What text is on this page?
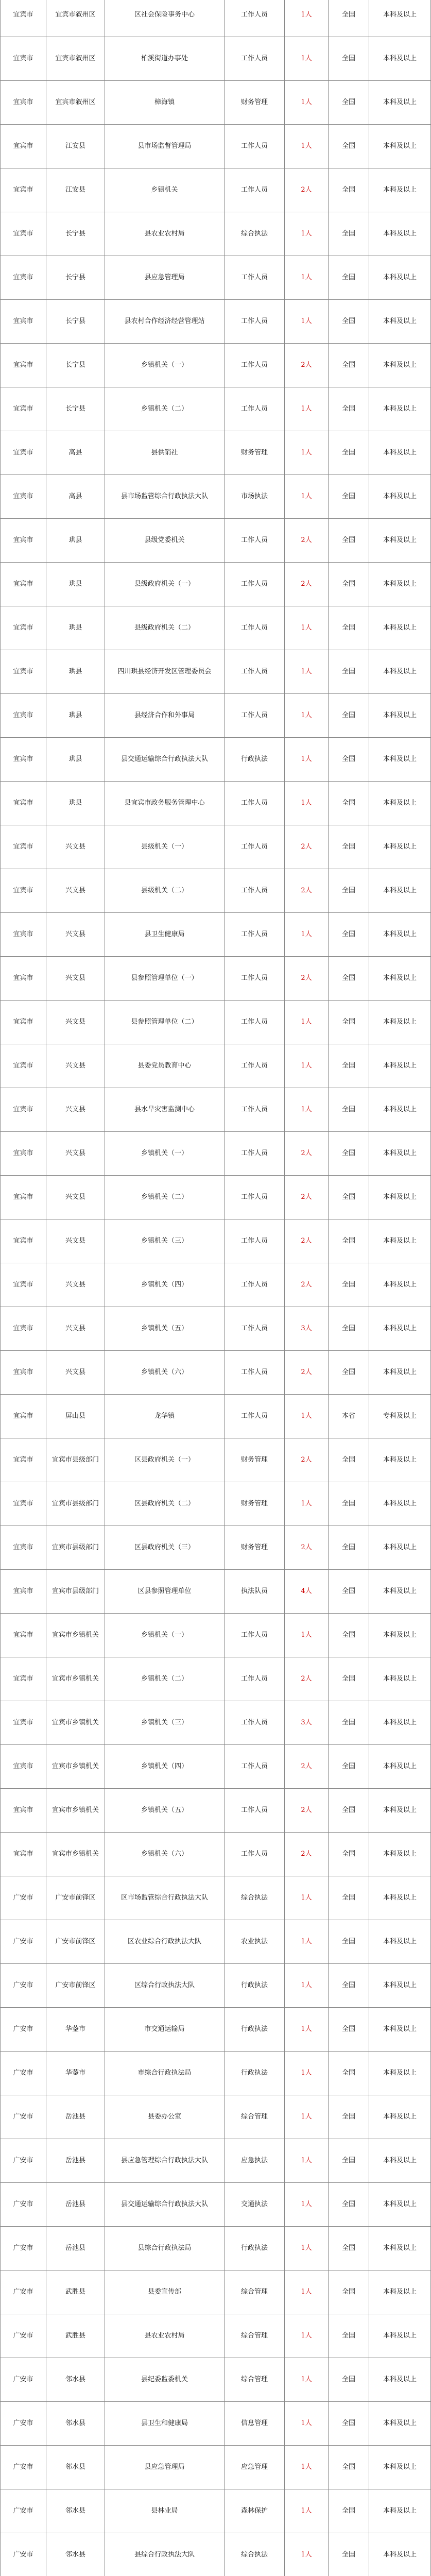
宜宾市	宜宾市叙州区	区社会保险事务中心	工作人员	1人	全国	本科及以上
宜宾市	宜宾市叙州区	柏溪街道办事处	工作人员	1人	全国	本科及以上
宜宾市	宜宾市叙州区	樟海镇	财务管理	1人	全国	本科及以上
宜宾市	江安县	县市场监督管理局	工作人员	1人	全国	本科及以上
宜宾市	江安县	乡镇机关	工作人员	2人	全国	本科及以上
宜宾市	长宁县	县农业农村局	综合执法	1人	全国	本科及以上
宜宾市	长宁县	县应急管理局	工作人员	1人	全国	本科及以上
宜宾市	长宁县	县农村合作经济经营管理站	工作人员	1人	全国	本科及以上
宜宾市	长宁县	乡镇机关（一）	工作人员	2人	全国	本科及以上
宜宾市	长宁县	乡镇机关（二）	工作人员	1人	全国	本科及以上
宜宾市	高县	县供销社	财务管理	1人	全国	本科及以上
宜宾市	高县	县市场监管综合行政执法大队	市场执法	1人	全国	本科及以上
宜宾市	珙县	县级党委机关	工作人员	2人	全国	本科及以上
宜宾市	珙县	县级政府机关（一）	工作人员	2人	全国	本科及以上
宜宾市	珙县	县级政府机关（二）	工作人员	1人	全国	本科及以上
宜宾市	珙县	四川珙县经济开发区管理委员会	工作人员	1人	全国	本科及以上
宜宾市	珙县	县经济合作和外事局	工作人员	1人	全国	本科及以上
宜宾市	珙县	县交通运输综合行政执法大队	行政执法	1人	全国	本科及以上
宜宾市	珙县	县宜宾市政务服务管理中心	工作人员	1人	全国	本科及以上
宜宾市	兴文县	县级机关（一）	工作人员	2人	全国	本科及以上
宜宾市	兴文县	县级机关（二）	工作人员	2人	全国	本科及以上
宜宾市	兴文县	县卫生健康局	工作人员	1人	全国	本科及以上
宜宾市	兴文县	县参照管理单位（一）	工作人员	2人	全国	本科及以上
宜宾市	兴文县	县参照管理单位（二）	工作人员	1人	全国	本科及以上
宜宾市	兴文县	县委党员教育中心	工作人员	1人	全国	本科及以上
宜宾市	兴文县	县水旱灾害监测中心	工作人员	1人	全国	本科及以上
宜宾市	兴文县	乡镇机关（一）	工作人员	2人	全国	本科及以上
宜宾市	兴文县	乡镇机关（二）	工作人员	2人	全国	本科及以上
宜宾市	兴文县	乡镇机关（三）	工作人员	2人	全国	本科及以上
宜宾市	兴文县	乡镇机关（四）	工作人员	2人	全国	本科及以上
宜宾市	兴文县	乡镇机关（五）	工作人员	3人	全国	本科及以上
宜宾市	兴文县	乡镇机关（六）	工作人员	2人	全国	本科及以上
宜宾市	屏山县	龙华镇	工作人员	1人	本省	专科及以上
宜宾市	宜宾市县级部门	区县政府机关（一）	财务管理	2人	全国	本科及以上
宜宾市	宜宾市县级部门	区县政府机关（二）	财务管理	1人	全国	本科及以上
宜宾市	宜宾市县级部门	区县政府机关（三）	财务管理	2人	全国	本科及以上
宜宾市	宜宾市县级部门	区县参照管理单位	执法队员	4人	全国	本科及以上
宜宾市	宜宾市乡镇机关	乡镇机关（一）	工作人员	1人	全国	本科及以上
宜宾市	宜宾市乡镇机关	乡镇机关（二）	工作人员	2人	全国	本科及以上
宜宾市	宜宾市乡镇机关	乡镇机关（三）	工作人员	3人	全国	本科及以上
宜宾市	宜宾市乡镇机关	乡镇机关（四）	工作人员	2人	全国	本科及以上
宜宾市	宜宾市乡镇机关	乡镇机关（五）	工作人员	2人	全国	本科及以上
宜宾市	宜宾市乡镇机关	乡镇机关（六）	工作人员	2人	全国	本科及以上
广安市	广安市前锋区	区市场监管综合行政执法大队	综合执法	1人	全国	本科及以上
广安市	广安市前锋区	区农业综合行政执法大队	农业执法	1人	全国	本科及以上
广安市	广安市前锋区	区综合行政执法大队	行政执法	1人	全国	本科及以上
广安市	华蓥市	市交通运输局	行政执法	1人	全国	本科及以上
广安市	华蓥市	市综合行政执法局	行政执法	1人	全国	本科及以上
广安市	岳池县	县委办公室	综合管理	1人	全国	本科及以上
广安市	岳池县	县应急管理综合行政执法大队	应急执法	1人	全国	本科及以上
广安市	岳池县	县交通运输综合行政执法大队	交通执法	1人	全国	本科及以上
广安市	岳池县	县综合行政执法局	行政执法	1人	全国	本科及以上
广安市	武胜县	县委宣传部	综合管理	1人	全国	本科及以上
广安市	武胜县	县农业农村局	综合管理	1人	全国	本科及以上
广安市	邻水县	县纪委监委机关	综合管理	1人	全国	本科及以上
广安市	邻水县	县卫生和健康局	信息管理	1人	全国	本科及以上
广安市	邻水县	县应急管理局	应急管理	1人	全国	本科及以上
广安市	邻水县	县林业局	森林保护	1人	全国	本科及以上
广安市	邻水县	县综合行政执法大队	综合执法	1人	全国	本科及以上
